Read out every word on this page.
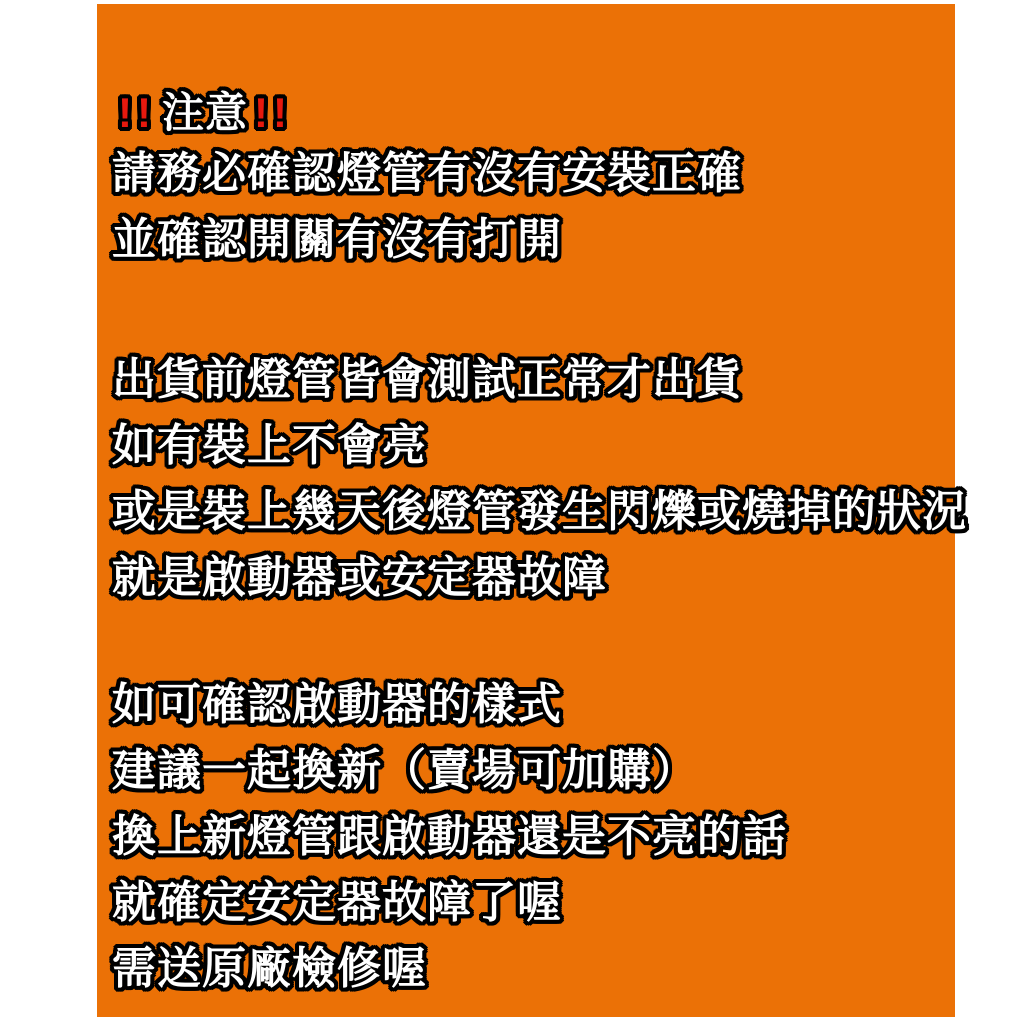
!! 注意 !!
請務必確認燈管有沒有安裝正確
並確認開關有沒有打開
出貨前燈管皆會測試正常才出貨
如有裝上不會亮
或是裝上幾天後燈管發生閃爍或燒掉的狀況
就是啟動器或安定器故障
如可確認啟動器的樣式
建議一起換新（賣場可加購）
換上新燈管跟啟動器還是不亮的話
就確定安定器故障了喔
需送原廠檢修喔
